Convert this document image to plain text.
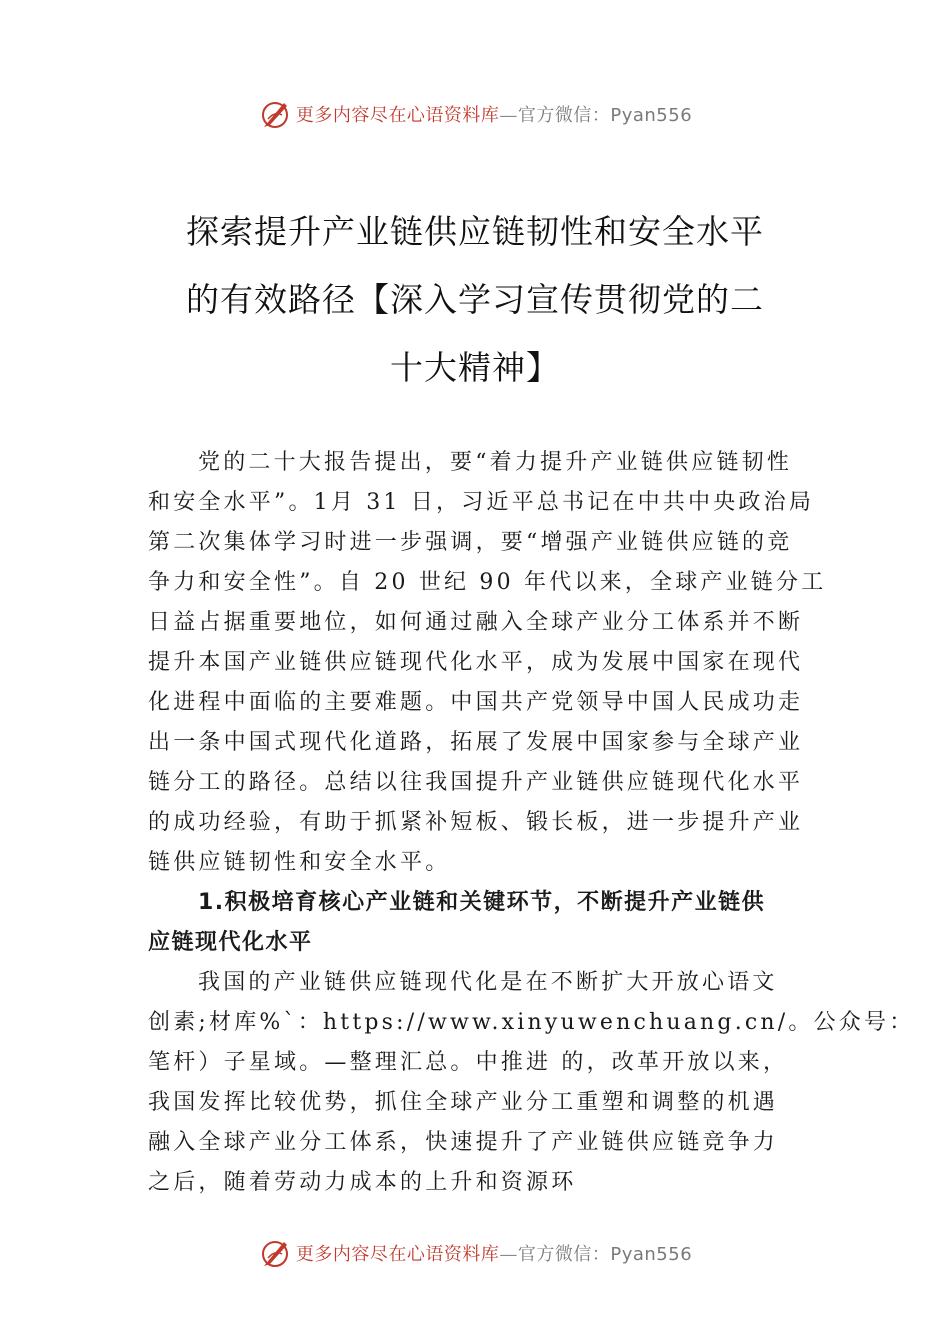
更多内容尽在心语资料库—官方微信：Pyan556
探索提升产业链供应链韧性和安全水平
的有效路径【深入学习宣传贯彻党的二
十大精神】

党的二十大报告提出，要“着力提升产业链供应链韧性
和安全水平”。1月 31 日，习近平总书记在中共中央政治局
第二次集体学习时进一步强调，要“增强产业链供应链的竞
争力和安全性”。自 20 世纪 90 年代以来，全球产业链分工
日益占据重要地位，如何通过融入全球产业分工体系并不断
提升本国产业链供应链现代化水平，成为发展中国家在现代
化进程中面临的主要难题。中国共产党领导中国人民成功走
出一条中国式现代化道路，拓展了发展中国家参与全球产业
链分工的路径。总结以往我国提升产业链供应链现代化水平
的成功经验，有助于抓紧补短板、锻长板，进一步提升产业
链供应链韧性和安全水平。

1.积极培育核心产业链和关键环节，不断提升产业链供
应链现代化水平

我国的产业链供应链现代化是在不断扩大开放心语文
创素;材库%`：https://www.xinyuwenchuang.cn/。公众号：
笔杆）子星域。—整理汇总。中推进 的，改革开放以来，
我国发挥比较优势，抓住全球产业分工重塑和调整的机遇
融入全球产业分工体系，快速提升了产业链供应链竞争力
之后，随着劳动力成本的上升和资源环

更多内容尽在心语资料库—官方微信：Pyan556
